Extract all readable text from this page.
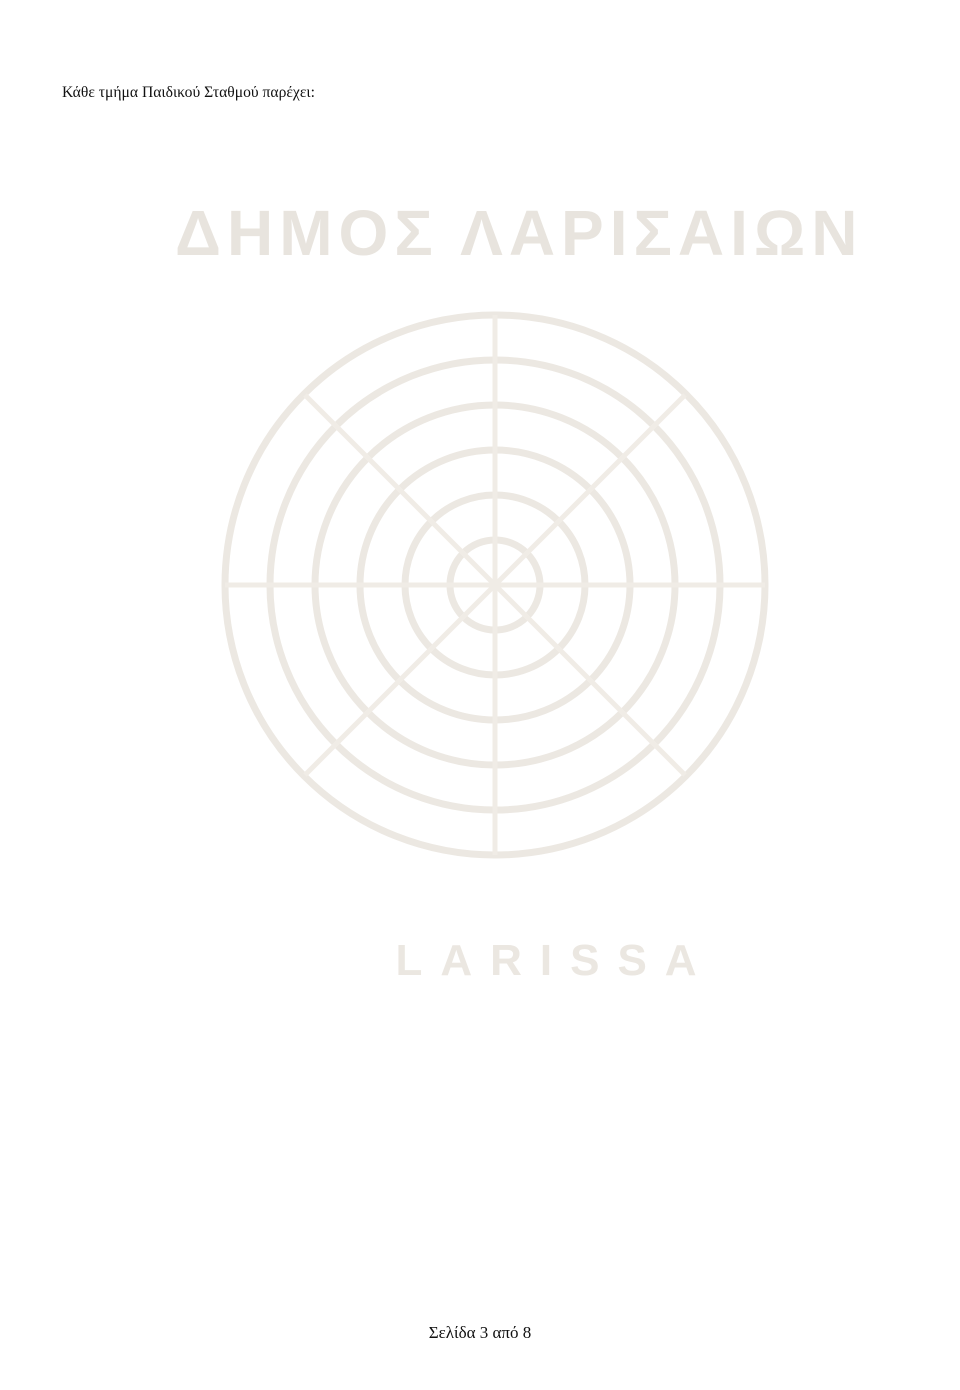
ΔΗΜΟΣ ΛΑΡΙΣΑΙΩΝ
LARISSA

Κάθε τμήμα Παιδικού Σταθμού παρέχει:

Σελίδα 3 από 8
